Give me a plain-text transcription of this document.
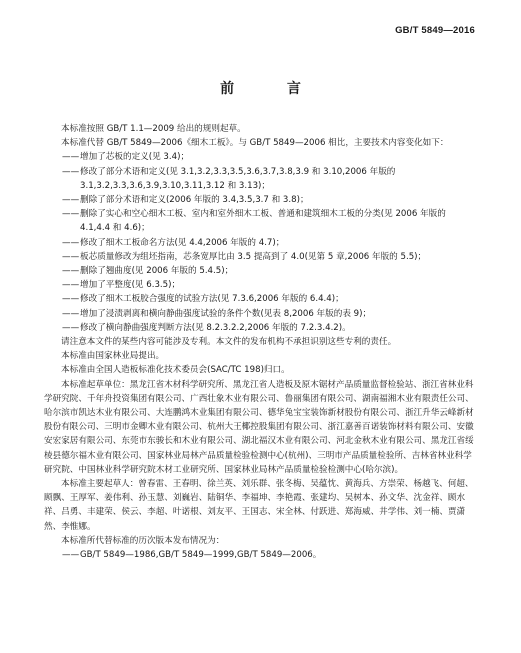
GB/T 5849—2016
前 言

本标准按照 GB/T 1.1—2009 给出的规则起草。

本标准代替 GB/T 5849—2006《细木工板》。与 GB/T 5849—2006 相比，主要技术内容变化如下：

——增加了芯板的定义(见 3.4)；

——修改了部分术语和定义(见 3.1,3.2,3.3,3.5,3.6,3.7,3.8,3.9 和 3.10,2006 年版的 3.1,3.2,3.3,3.6,3.9,3.10,3.11,3.12 和 3.13)；

——删除了部分术语和定义(2006 年版的 3.4,3.5,3.7 和 3.8)；

——删除了实心和空心细木工板、室内和室外细木工板、普通和建筑细木工板的分类(见 2006 年版的 4.1,4.4 和 4.6)；

——修改了细木工板命名方法(见 4.4,2006 年版的 4.7)；

——板芯质量修改为组坯指南，芯条宽厚比由 3.5 提高到了 4.0(见第 5 章,2006 年版的 5.5)；

——删除了翘曲度(见 2006 年版的 5.4.5)；

——增加了平整度(见 6.3.5)；

——修改了细木工板胶合强度的试验方法(见 7.3.6,2006 年版的 6.4.4)；

——增加了浸渍剥离和横向静曲强度试验的条件个数(见表 8,2006 年版的表 9)；

——修改了横向静曲强度判断方法(见 8.2.3.2.2,2006 年版的 7.2.3.4.2)。

请注意本文件的某些内容可能涉及专利。本文件的发布机构不承担识别这些专利的责任。

本标准由国家林业局提出。

本标准由全国人造板标准化技术委员会(SAC/TC 198)归口。

本标准起草单位：黑龙江省木材科学研究所、黑龙江省人造板及原木锯材产品质量监督检验站、浙江省林业科学研究院、千年舟投资集团有限公司、广西壮象木业有限公司、鲁丽集团有限公司、湖南福湘木业有限责任公司、哈尔滨市凯达木业有限公司、大连鹏鸿木业集团有限公司、德华兔宝宝装饰新材股份有限公司、浙江升华云峰新材股份有限公司、三明市金卿木业有限公司、杭州大王椰控股集团有限公司、浙江嘉善百诺装饰材料有限公司、安徽安宏家居有限公司、东莞市东骏长和木业有限公司、湖北福汉木业有限公司、河北金秋木业有限公司、黑龙江省绥棱县德尔福木业有限公司、国家林业局林产品质量检验检测中心(杭州)、三明市产品质量检验所、吉林省林业科学研究院、中国林业科学研究院木材工业研究所、国家林业局林产品质量检验检测中心(哈尔滨)。

本标准主要起草人：曾春雷、王春明、徐兰英、刘乐群、张冬梅、吴蕴忱、黄海兵、方崇荣、杨越飞、何超、顾飘、王厚军、姜伟利、孙玉慧、刘巍岩、陆铜华、李福坤、李艳霞、张建均、吴树本、孙文华、沈金祥、顾水祥、吕勇、丰建荣、侯云、李超、叶诺根、刘友平、王国志、宋全林、付跃进、郑海威、井学伟、刘一楠、贾潇然、李惟娜。

本标准所代替标准的历次版本发布情况为：

——GB/T 5849—1986,GB/T 5849—1999,GB/T 5849—2006。
